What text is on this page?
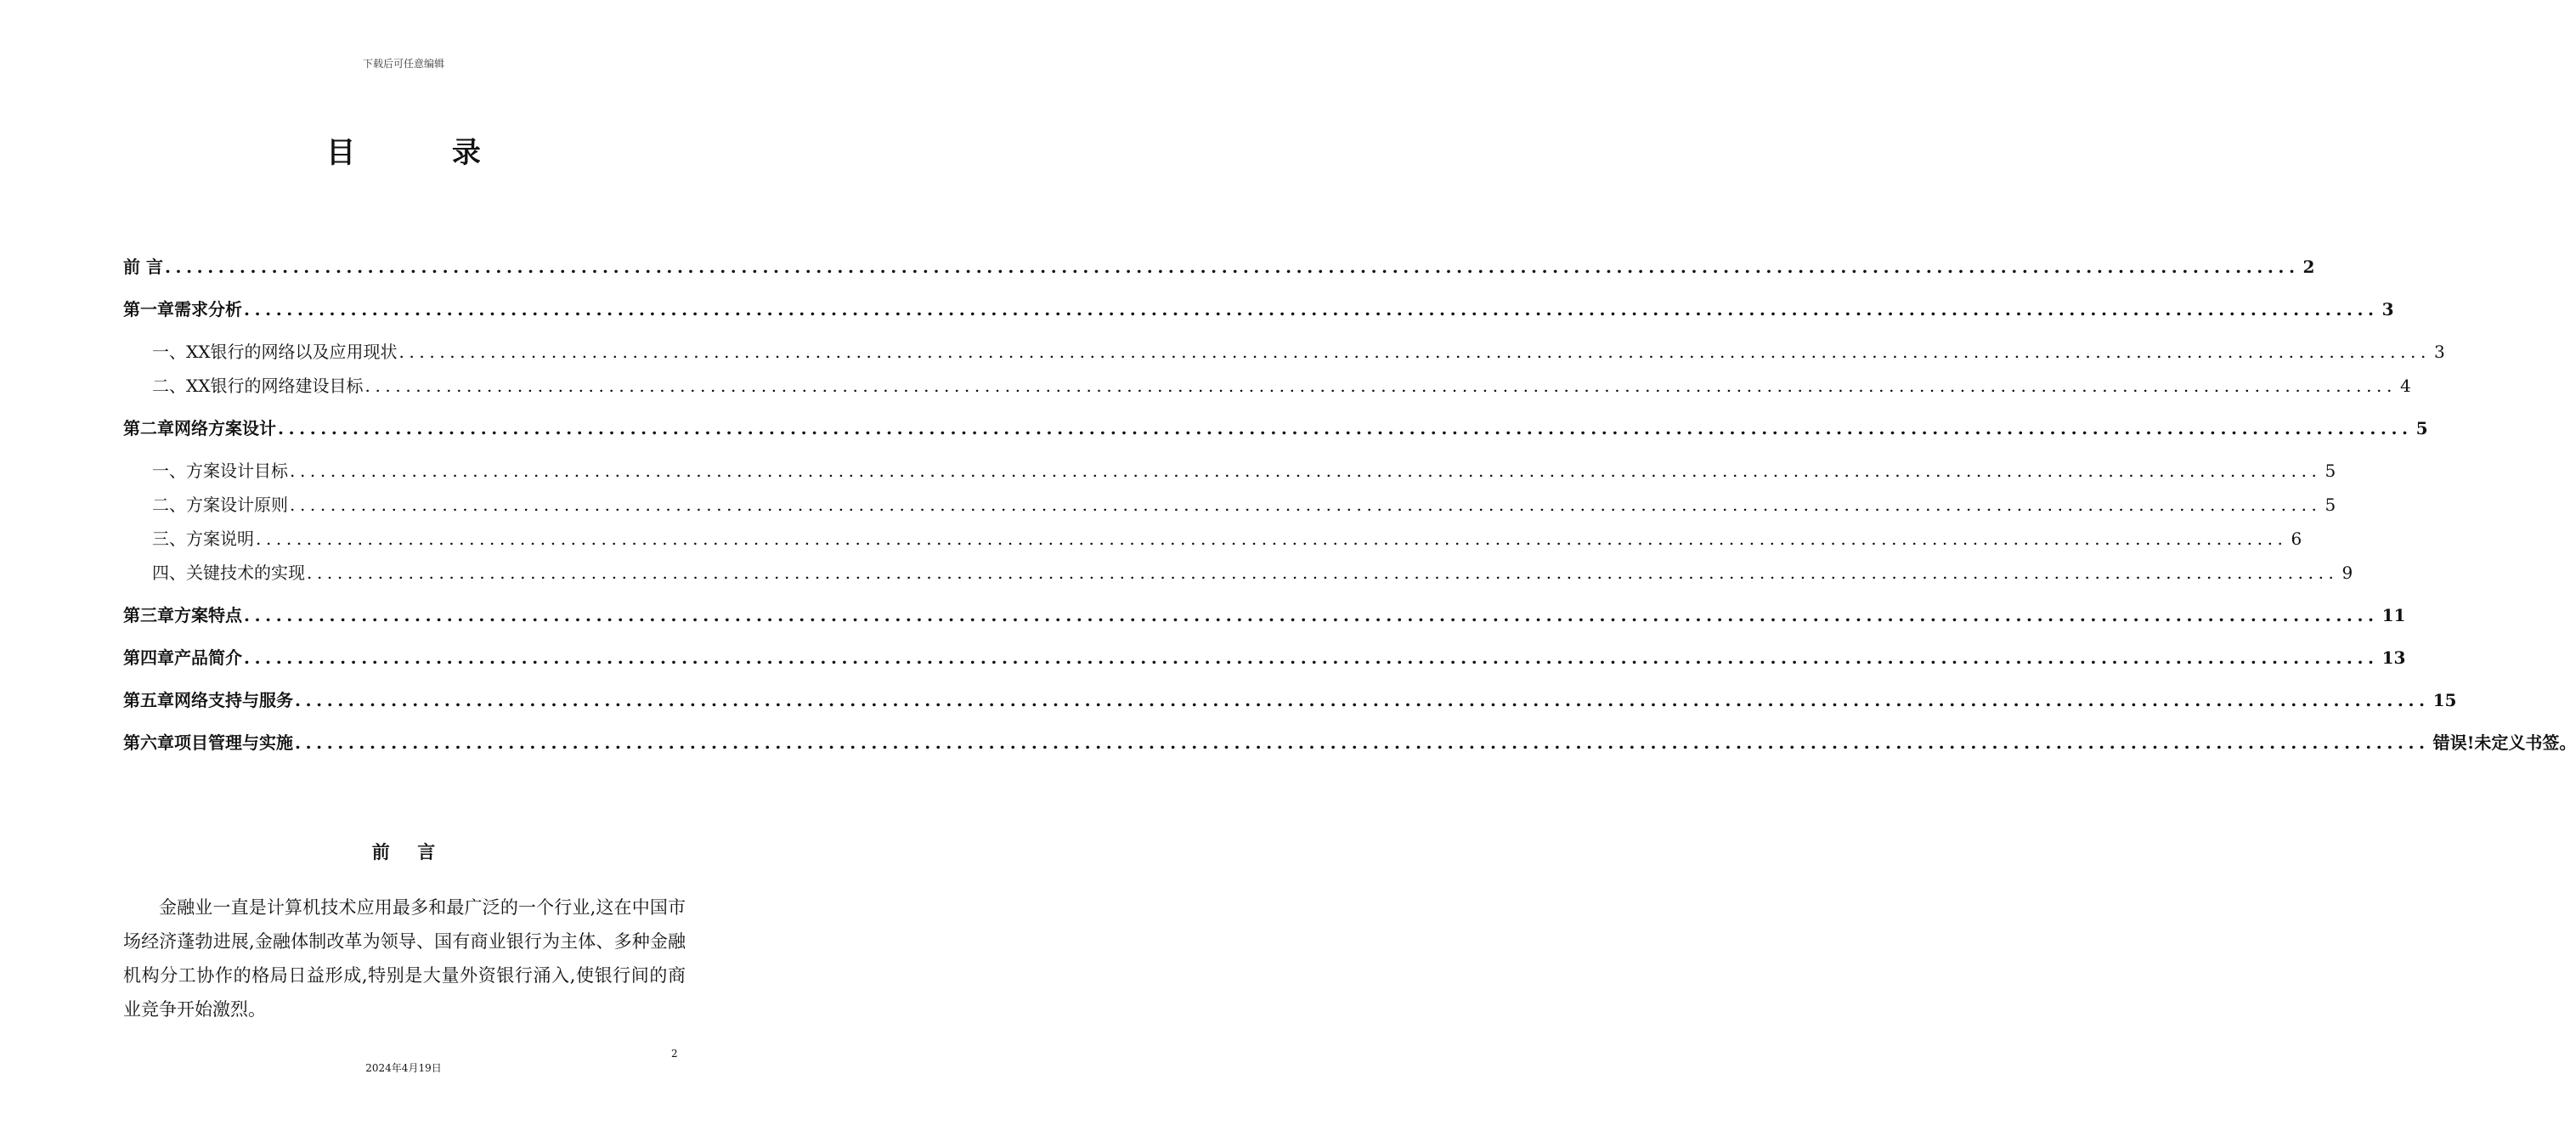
下载后可任意编辑
目 录
前 言 ........................................................................................................................................................................................................ 2
第一章 需求分析 ........................................................................................................................................................................................................ 3
一、XX银行的网络以及应用现状 ........................................................................................................................................................................................................ 3
二、XX银行的网络建设目标 ........................................................................................................................................................................................................ 4
第二章 网络方案设计 ........................................................................................................................................................................................................ 5
一、方案设计目标 ........................................................................................................................................................................................................ 5
二、方案设计原则 ........................................................................................................................................................................................................ 5
三、方案说明 ........................................................................................................................................................................................................ 6
四、关键技术的实现 ........................................................................................................................................................................................................ 9
第三章 方案特点 ........................................................................................................................................................................................................ 11
第四章 产品简介 ........................................................................................................................................................................................................ 13
第五章 网络支持与服务 ........................................................................................................................................................................................................ 15
第六章 项目管理与实施 ........................................................................................................................................................................................................ 错误!未定义书签。
前 言

金融业一直是计算机技术应用最多和最广泛的一个行业,这在中国市场经济蓬勃进展,金融体制改革为领导、国有商业银行为主体、多种金融机构分工协作的格局日益形成,特别是大量外资银行涌入,使银行间的商业竞争开始激烈。

2
2024年4月19日
